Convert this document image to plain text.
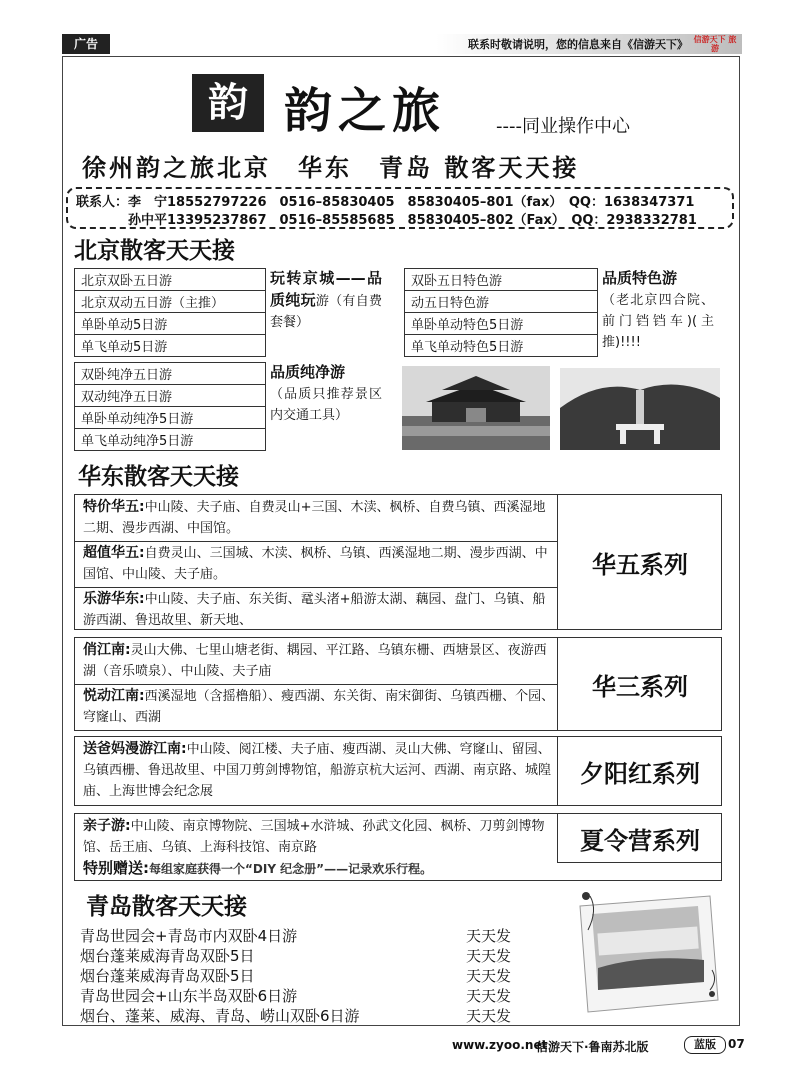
广告	联系时敬请说明，您的信息来自《信游天下》 信游天下 旅游
韵 韵之旅	----同业操作中心
徐州韵之旅北京　华东　青岛 散客天天接
联系人：李　宁18552797226　0516–85830405　85830405–801（fax）　QQ：1638347371
　　　　孙中平13395237867　0516–85585685　85830405–802（Fax）　QQ：2938332781
北京散客天天接
北京双卧五日游
北京双动五日游（主推）
单卧单动5日游
单飞单动5日游
玩转京城——品质纯玩游（有自费套餐）
双卧五日特色游
动五日特色游
单卧单动特色5日游
单飞单动特色5日游
品质特色游
（老北京四合院、前门铛铛车)(主推)!!!!
双卧纯净五日游
双动纯净五日游
单卧单动纯净5日游
单飞单动纯净5日游
品质纯净游
（品质只推荐景区内交通工具）
华东散客天天接
特价华五:中山陵、夫子庙、自费灵山+三国、木渎、枫桥、自费乌镇、西溪湿地二期、漫步西湖、中国馆。
超值华五:自费灵山、三国城、木渎、枫桥、乌镇、西溪湿地二期、漫步西湖、中国馆、中山陵、夫子庙。
乐游华东:中山陵、夫子庙、东关街、鼋头渚+船游太湖、藕园、盘门、乌镇、船游西湖、鲁迅故里、新天地、
华五系列
俏江南:灵山大佛、七里山塘老街、耦园、平江路、乌镇东栅、西塘景区、夜游西湖（音乐喷泉）、中山陵、夫子庙
悦动江南:西溪湿地（含摇橹船）、瘦西湖、东关街、南宋御街、乌镇西栅、个园、穹窿山、西湖
华三系列
送爸妈漫游江南:中山陵、阅江楼、夫子庙、瘦西湖、灵山大佛、穹窿山、留园、乌镇西栅、鲁迅故里、中国刀剪剑博物馆，船游京杭大运河、西湖、南京路、城隍庙、上海世博会纪念展
夕阳红系列
亲子游:中山陵、南京博物院、三国城+水浒城、孙武文化园、枫桥、刀剪剑博物馆、岳王庙、乌镇、上海科技馆、南京路
特别赠送:每组家庭获得一个“DIY 纪念册”——记录欢乐行程。
夏令营系列
青岛散客天天接
青岛世园会+青岛市内双卧4日游	天天发
烟台蓬莱威海青岛双卧5日	天天发
烟台蓬莱威海青岛双卧5日	天天发
青岛世园会+山东半岛双卧6日游	天天发
烟台、蓬莱、威海、青岛、崂山双卧6日游	天天发
www.zyoo.net
信游天下·鲁南苏北版	蓝版	07
